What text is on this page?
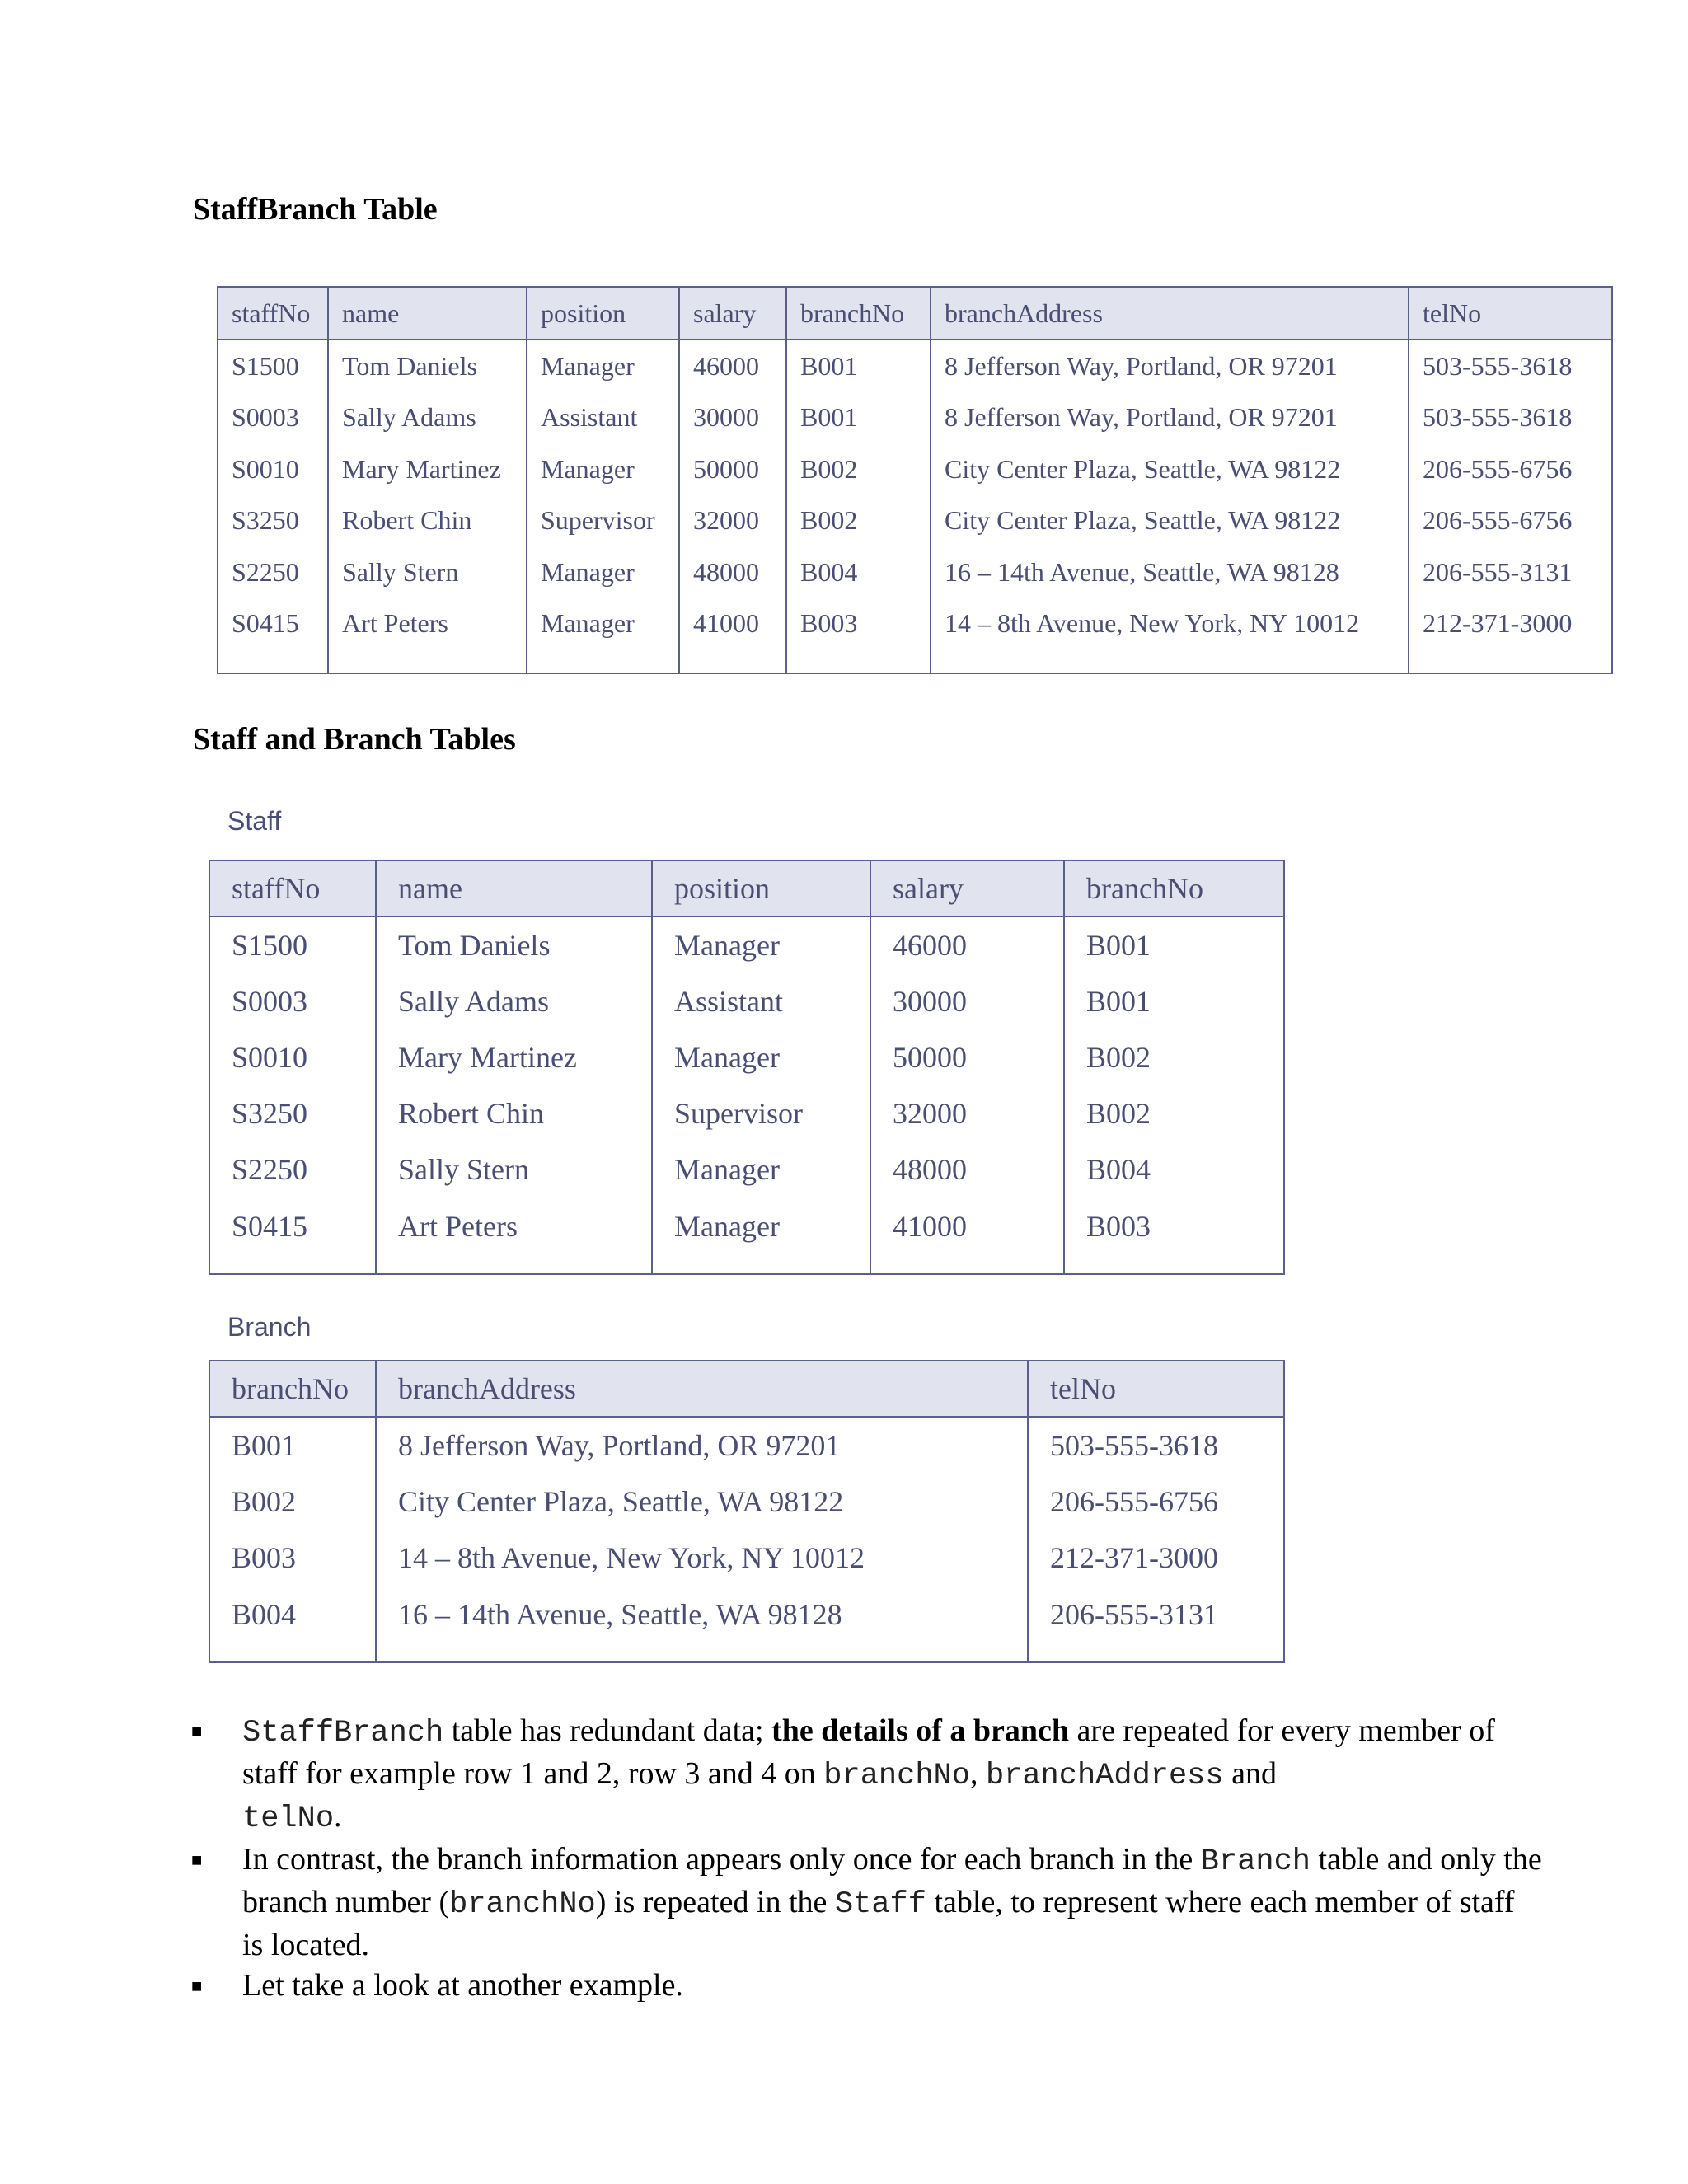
StaffBranch Table
staffNo	name	position	salary	branchNo	branchAddress	telNo
S1500	Tom Daniels	Manager	46000	B001	8 Jefferson Way, Portland, OR 97201	503-555-3618
S0003	Sally Adams	Assistant	30000	B001	8 Jefferson Way, Portland, OR 97201	503-555-3618
S0010	Mary Martinez	Manager	50000	B002	City Center Plaza, Seattle, WA 98122	206-555-6756
S3250	Robert Chin	Supervisor	32000	B002	City Center Plaza, Seattle, WA 98122	206-555-6756
S2250	Sally Stern	Manager	48000	B004	16 – 14th Avenue, Seattle, WA 98128	206-555-3131
S0415	Art Peters	Manager	41000	B003	14 – 8th Avenue, New York, NY 10012	212-371-3000
Staff and Branch Tables
Staff
staffNo	name	position	salary	branchNo
S1500	Tom Daniels	Manager	46000	B001
S0003	Sally Adams	Assistant	30000	B001
S0010	Mary Martinez	Manager	50000	B002
S3250	Robert Chin	Supervisor	32000	B002
S2250	Sally Stern	Manager	48000	B004
S0415	Art Peters	Manager	41000	B003
Branch
branchNo	branchAddress	telNo
B001	8 Jefferson Way, Portland, OR 97201	503-555-3618
B002	City Center Plaza, Seattle, WA 98122	206-555-6756
B003	14 – 8th Avenue, New York, NY 10012	212-371-3000
B004	16 – 14th Avenue, Seattle, WA 98128	206-555-3131
■ StaffBranch table has redundant data; the details of a branch are repeated for every member of staff for example row 1 and 2, row 3 and 4 on branchNo, branchAddress and
telNo.
■ In contrast, the branch information appears only once for each branch in the Branch table and only the branch number (branchNo) is repeated in the Staff table, to represent where each member of staff is located.
■ Let take a look at another example.
